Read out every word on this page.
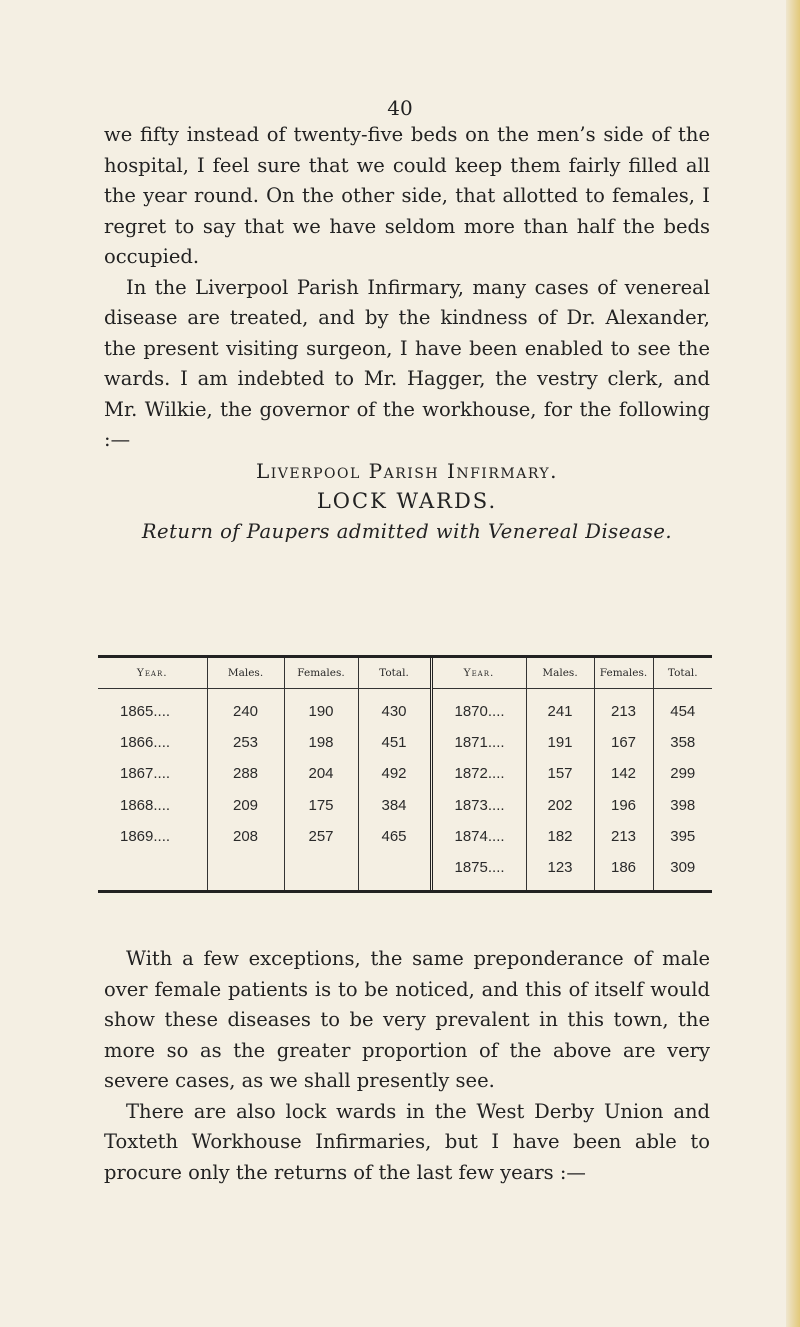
40

we fifty instead of twenty-five beds on the men’s side of the hospital, I feel sure that we could keep them fairly filled all the year round. On the other side, that allotted to females, I regret to say that we have seldom more than half the beds occupied.

In the Liverpool Parish Infirmary, many cases of venereal disease are treated, and by the kindness of Dr. Alexander, the present visiting surgeon, I have been enabled to see the wards. I am indebted to Mr. Hagger, the vestry clerk, and Mr. Wilkie, the governor of the workhouse, for the following :—

Liverpool Parish Infirmary.

LOCK WARDS.

Return of Paupers admitted with Venereal Disease.

Year.	Males.	Females.	Total.	Year.	Males.	Females.	Total.
1865....	240	190	430	1870....	241	213	454
1866....	253	198	451	1871....	191	167	358
1867....	288	204	492	1872....	157	142	299
1868....	209	175	384	1873....	202	196	398
1869....	208	257	465	1874....	182	213	395
				1875....	123	186	309

With a few exceptions, the same preponderance of male over female patients is to be noticed, and this of itself would show these diseases to be very prevalent in this town, the more so as the greater proportion of the above are very severe cases, as we shall presently see.

There are also lock wards in the West Derby Union and Toxteth Workhouse Infirmaries, but I have been able to procure only the returns of the last few years :—
